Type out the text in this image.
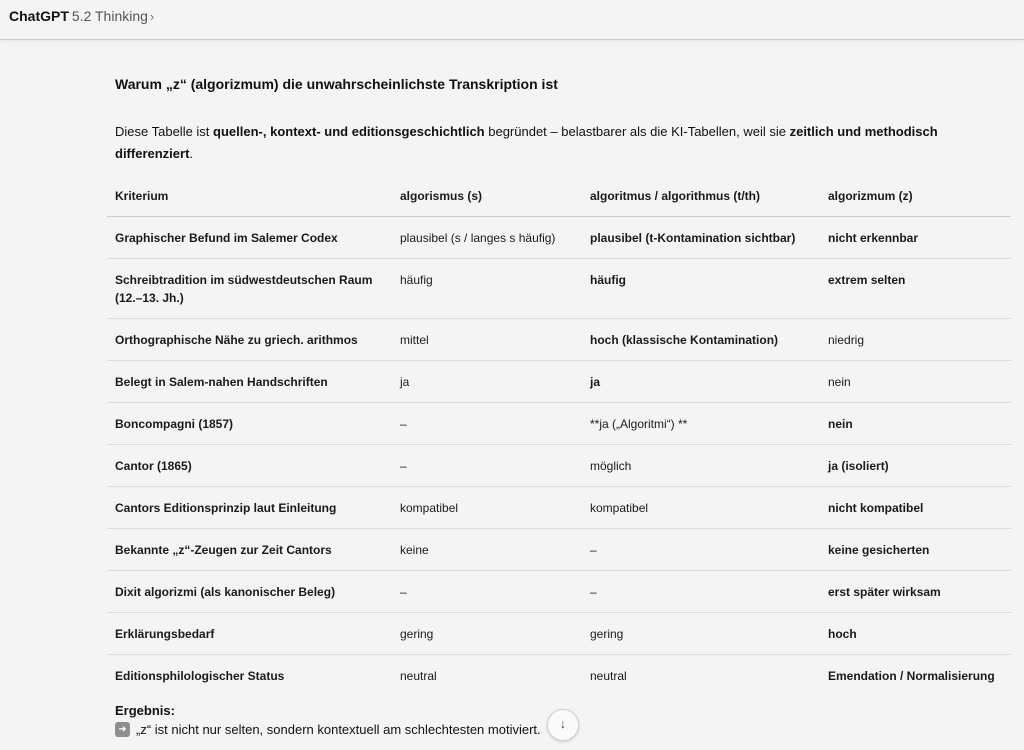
ChatGPT 5.2 Thinking ›
Warum „z“ (algorizmum) die unwahrscheinlichste Transkription ist
Diese Tabelle ist quellen-, kontext- und editionsgeschichtlich begründet – belastbarer als die KI-Tabellen, weil sie zeitlich und methodisch differenziert.
Kriterium	algorismus (s)	algoritmus / algorithmus (t/th)	algorizmum (z)
Graphischer Befund im Salemer Codex	plausibel (s / langes s häufig)	plausibel (t-Kontamination sichtbar)	nicht erkennbar
Schreibtradition im südwestdeutschen Raum (12.–13. Jh.)	häufig	häufig	extrem selten
Orthographische Nähe zu griech. arithmos	mittel	hoch (klassische Kontamination)	niedrig
Belegt in Salem-nahen Handschriften	ja	ja	nein
Boncompagni (1857)	–	**ja („Algoritmi“) **	nein
Cantor (1865)	–	möglich	ja (isoliert)
Cantors Editionsprinzip laut Einleitung	kompatibel	kompatibel	nicht kompatibel
Bekannte „z“-Zeugen zur Zeit Cantors	keine	–	keine gesicherten
Dixit algorizmi (als kanonischer Beleg)	–	–	erst später wirksam
Erklärungsbedarf	gering	gering	hoch
Editionsphilologischer Status	neutral	neutral	Emendation / Normalisierung
Ergebnis:
➜ „z“ ist nicht nur selten, sondern kontextuell am schlechtesten motiviert.	↓
